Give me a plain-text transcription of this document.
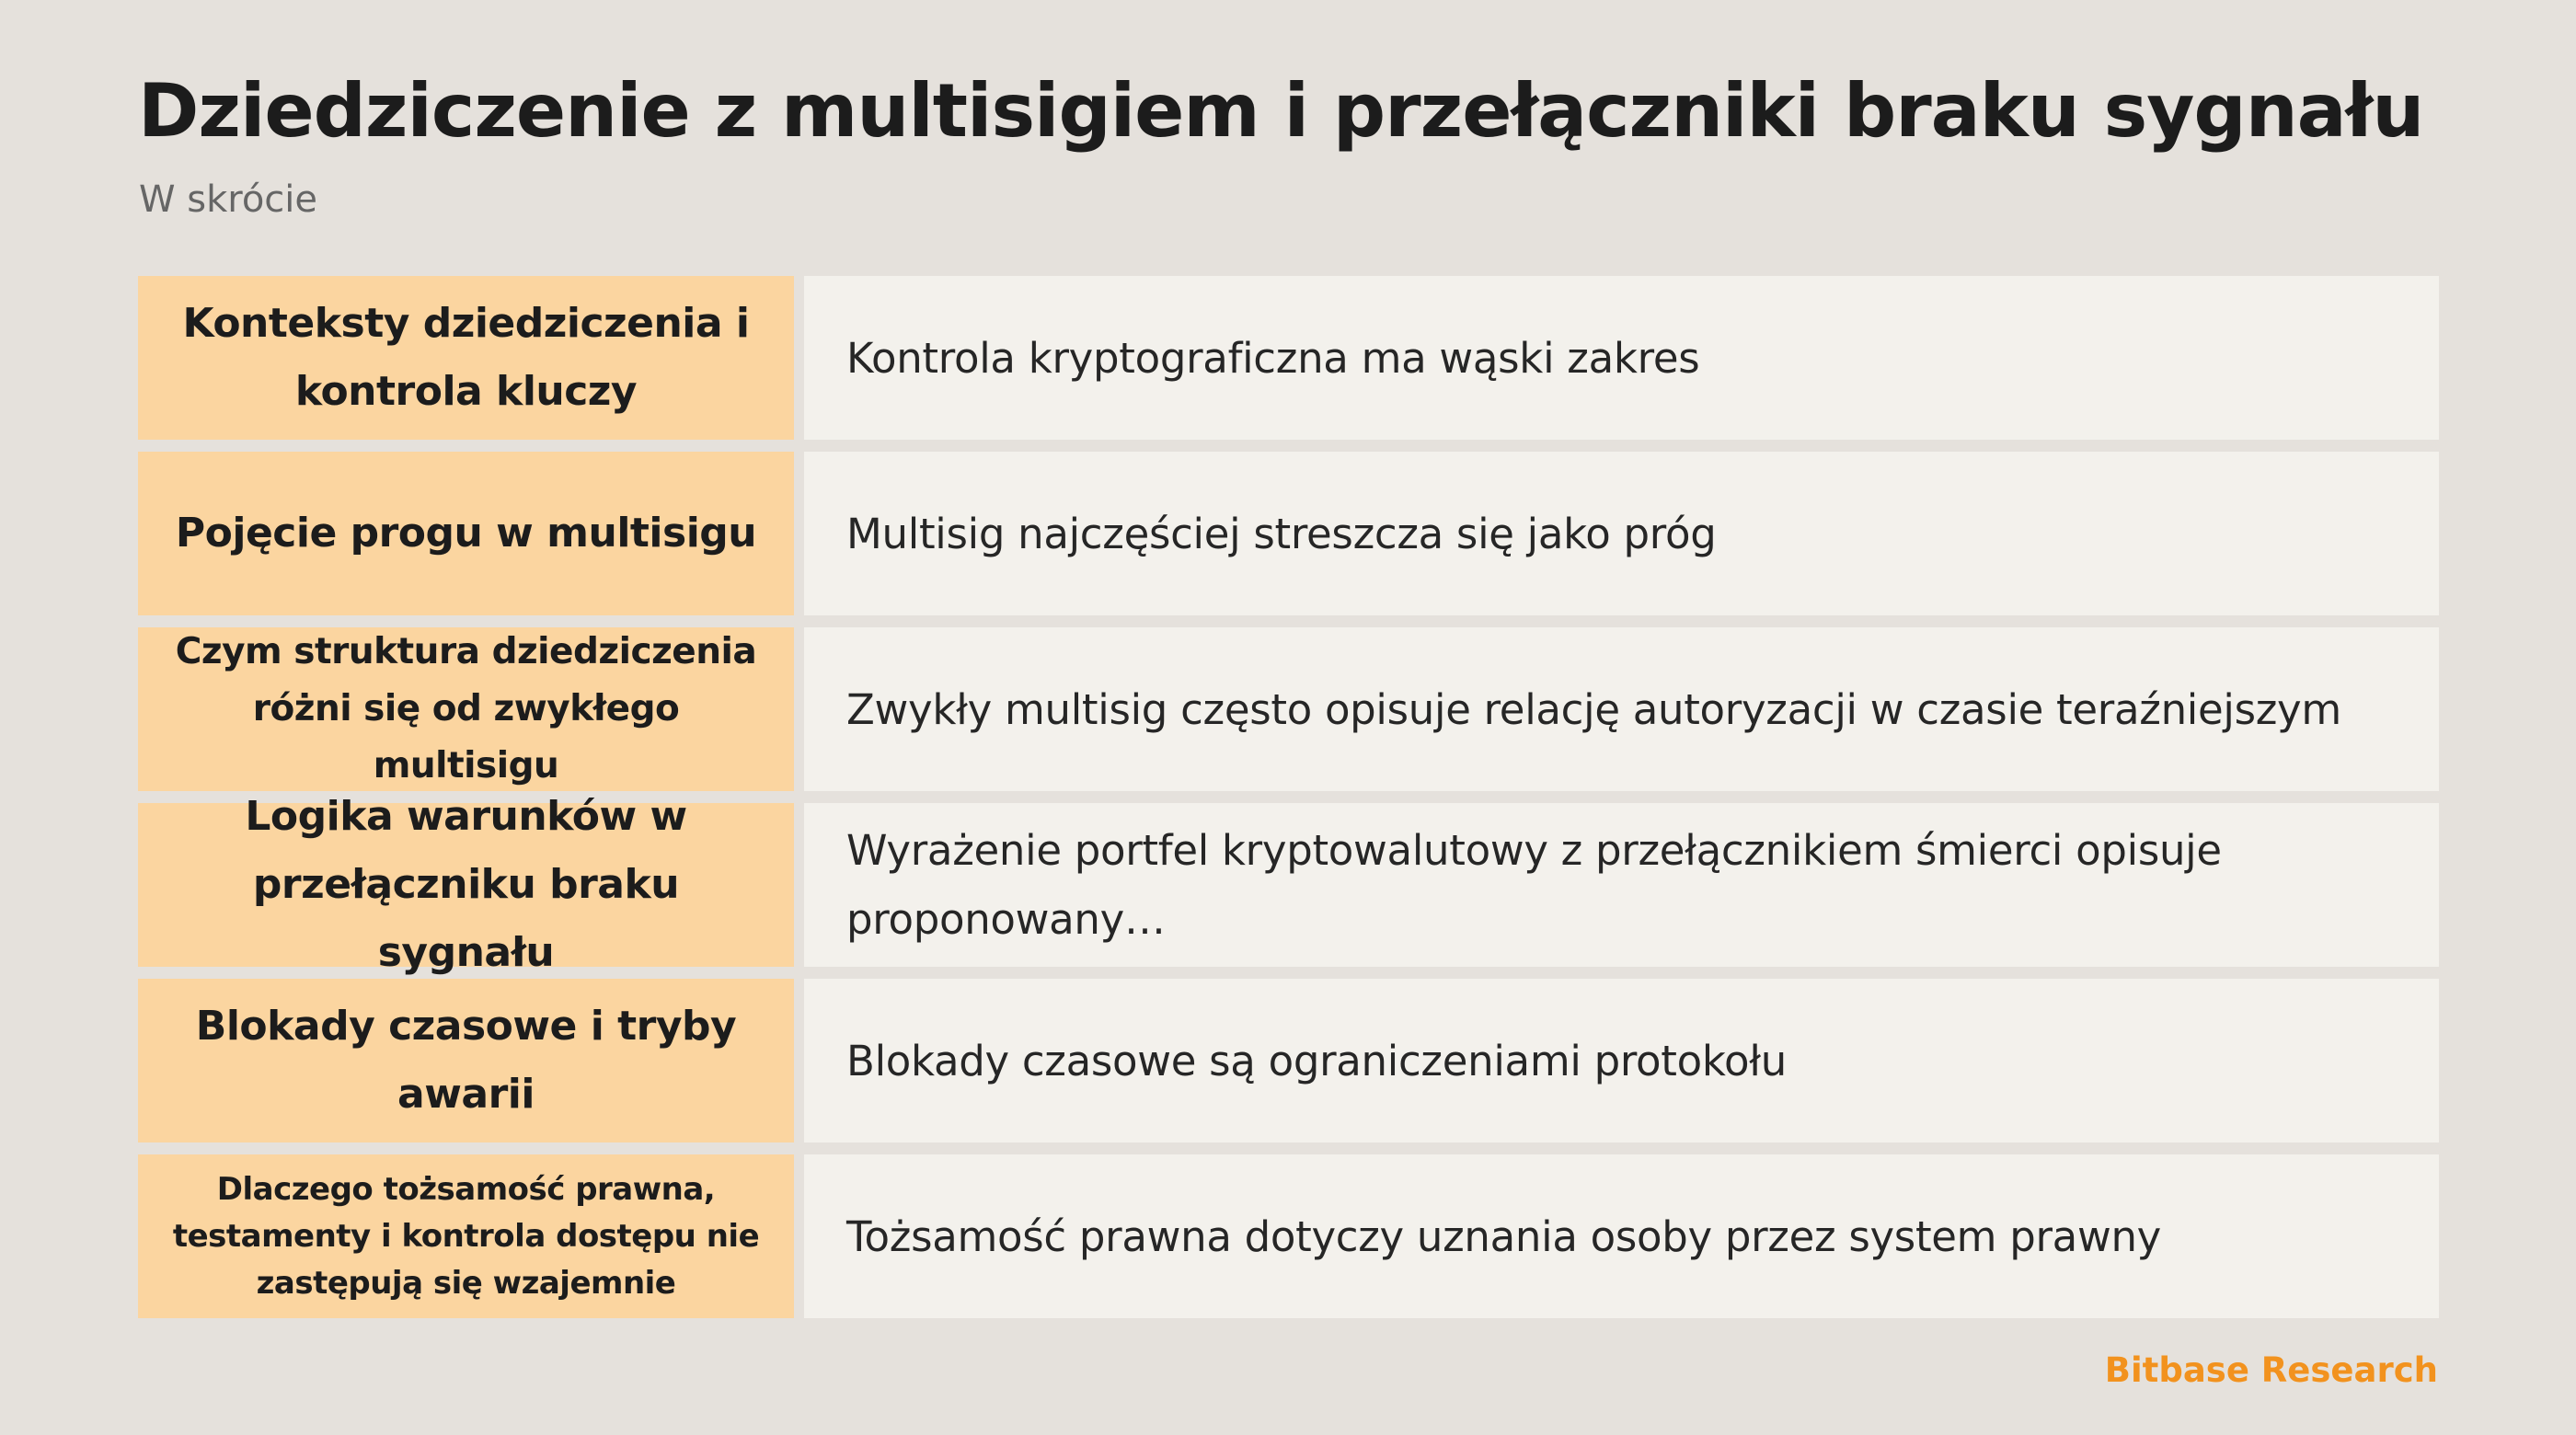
Dziedziczenie z multisigiem i przełączniki braku sygnału
W skrócie
Konteksty dziedziczenia i kontrola kluczy
Kontrola kryptograficzna ma wąski zakres
Pojęcie progu w multisigu	Multisig najczęściej streszcza się jako próg
Czym struktura dziedziczenia różni się od zwykłego multisigu
Zwykły multisig często opisuje relację autoryzacji w czasie teraźniejszym
Logika warunków w przełączniku braku sygnału
Wyrażenie portfel kryptowalutowy z przełącznikiem śmierci opisuje proponowany…
Blokady czasowe i tryby awarii
Blokady czasowe są ograniczeniami protokołu
Dlaczego tożsamość prawna, testamenty i kontrola dostępu nie zastępują się wzajemnie
Tożsamość prawna dotyczy uznania osoby przez system prawny
Bitbase Research
